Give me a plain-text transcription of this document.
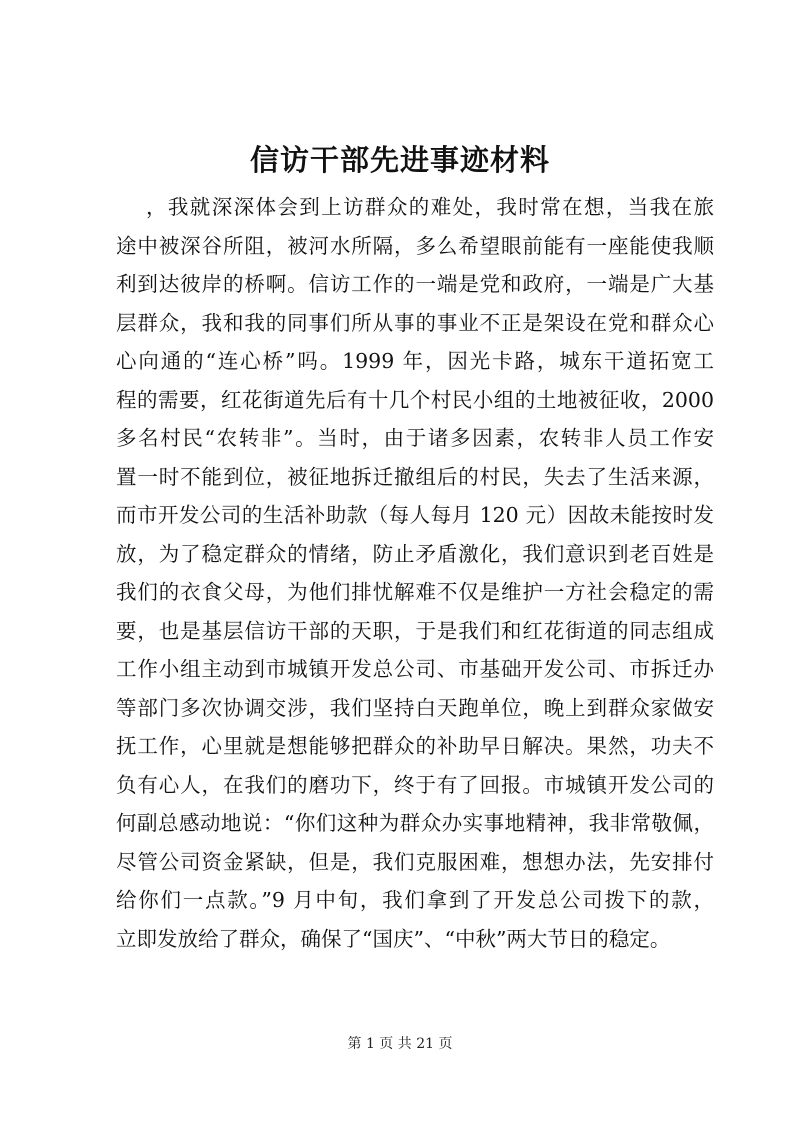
信访干部先进事迹材料
，我就深深体会到上访群众的难处，我时常在想，当我在旅
途中被深谷所阻，被河水所隔，多么希望眼前能有一座能使我顺
利到达彼岸的桥啊。信访工作的一端是党和政府，一端是广大基
层群众，我和我的同事们所从事的事业不正是架设在党和群众心
心向通的“连心桥”吗。1999 年，因光卡路，城东干道拓宽工
程的需要，红花街道先后有十几个村民小组的土地被征收，2000
多名村民“农转非”。当时，由于诸多因素，农转非人员工作安
置一时不能到位，被征地拆迁撤组后的村民，失去了生活来源，
而市开发公司的生活补助款（每人每月 120 元）因故未能按时发
放，为了稳定群众的情绪，防止矛盾激化，我们意识到老百姓是
我们的衣食父母，为他们排忧解难不仅是维护一方社会稳定的需
要，也是基层信访干部的天职，于是我们和红花街道的同志组成
工作小组主动到市城镇开发总公司、市基础开发公司、市拆迁办
等部门多次协调交涉，我们坚持白天跑单位，晚上到群众家做安
抚工作，心里就是想能够把群众的补助早日解决。果然，功夫不
负有心人，在我们的磨功下，终于有了回报。市城镇开发公司的
何副总感动地说：“你们这种为群众办实事地精神，我非常敬佩，
尽管公司资金紧缺，但是，我们克服困难，想想办法，先安排付
给你们一点款。”9 月中旬，我们拿到了开发总公司拨下的款，
立即发放给了群众，确保了“国庆”、“中秋”两大节日的稳定。
第 1 页 共 21 页
